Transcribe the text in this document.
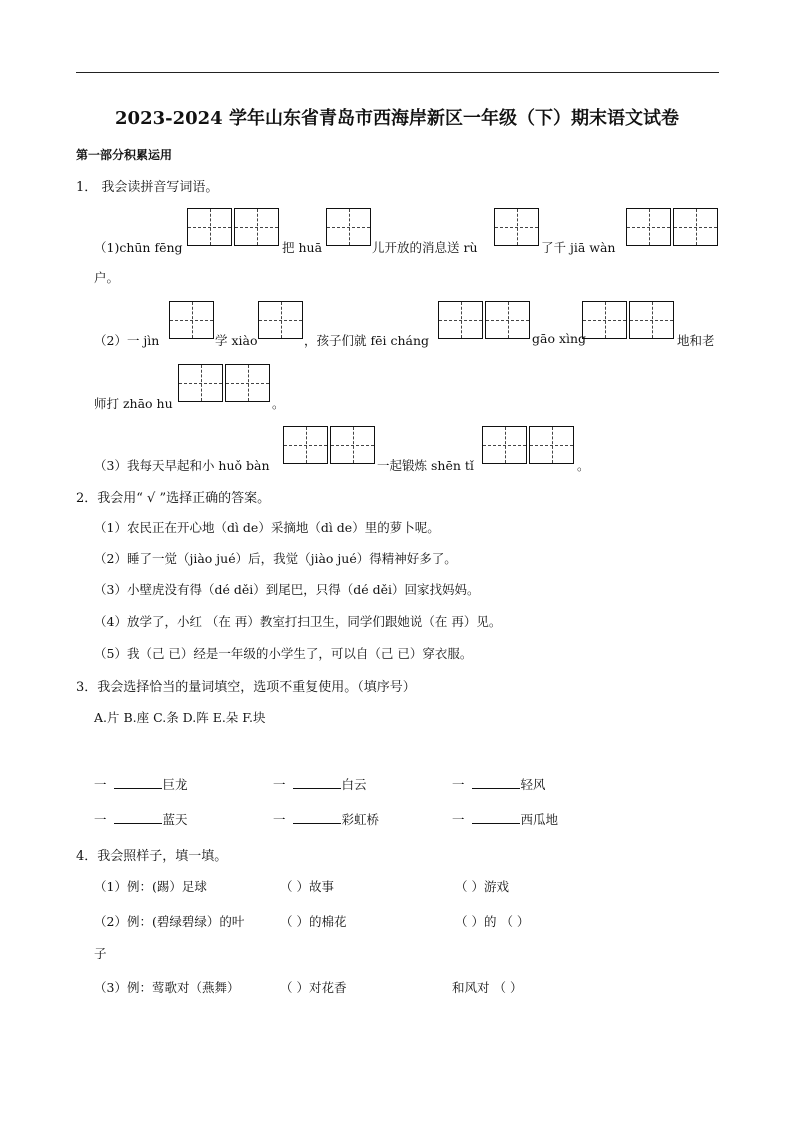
2023-2024 学年山东省青岛市西海岸新区一年级（下）期末语文试卷
第一部分积累运用
1． 我会读拼音写词语。
（1)chūn fēng	把 huā	儿开放的消息送 rù	了千 jiā wàn
户。
（2）一 jìn	学 xiào	，孩子们就 fēi cháng	gāo xìng	地和老
师打 zhāo hu	。
（3）我每天早起和小 huǒ bàn	一起锻炼 shēn tǐ	。
2．我会用“ √ ”选择正确的答案。
（1）农民正在开心地（dì de）采摘地（dì de）里的萝卜呢。
（2）睡了一觉（jiào jué）后，我觉（jiào jué）得精神好多了。
（3）小壁虎没有得（dé děi）到尾巴，只得（dé děi）回家找妈妈。
（4）放学了，小红 （在 再）教室打扫卫生，同学们跟她说（在 再）见。
（5）我（己 已）经是一年级的小学生了，可以自（己 已）穿衣服。
3．我会选择恰当的量词填空，选项不重复使用。（填序号）
A.片 B.座 C.条 D.阵 E.朵 F.块
一	巨龙	一	白云	一	轻风
一	蓝天	一	彩虹桥	一	西瓜地
4．我会照样子，填一填。
（1）例：(踢）足球	（ ）故事	（ ）游戏
（2）例：(碧绿碧绿）的叶	（ ）的棉花	（ ）的 （ ）
子
（3）例：莺歌对（燕舞）	（ ）对花香	和风对 （ ）
